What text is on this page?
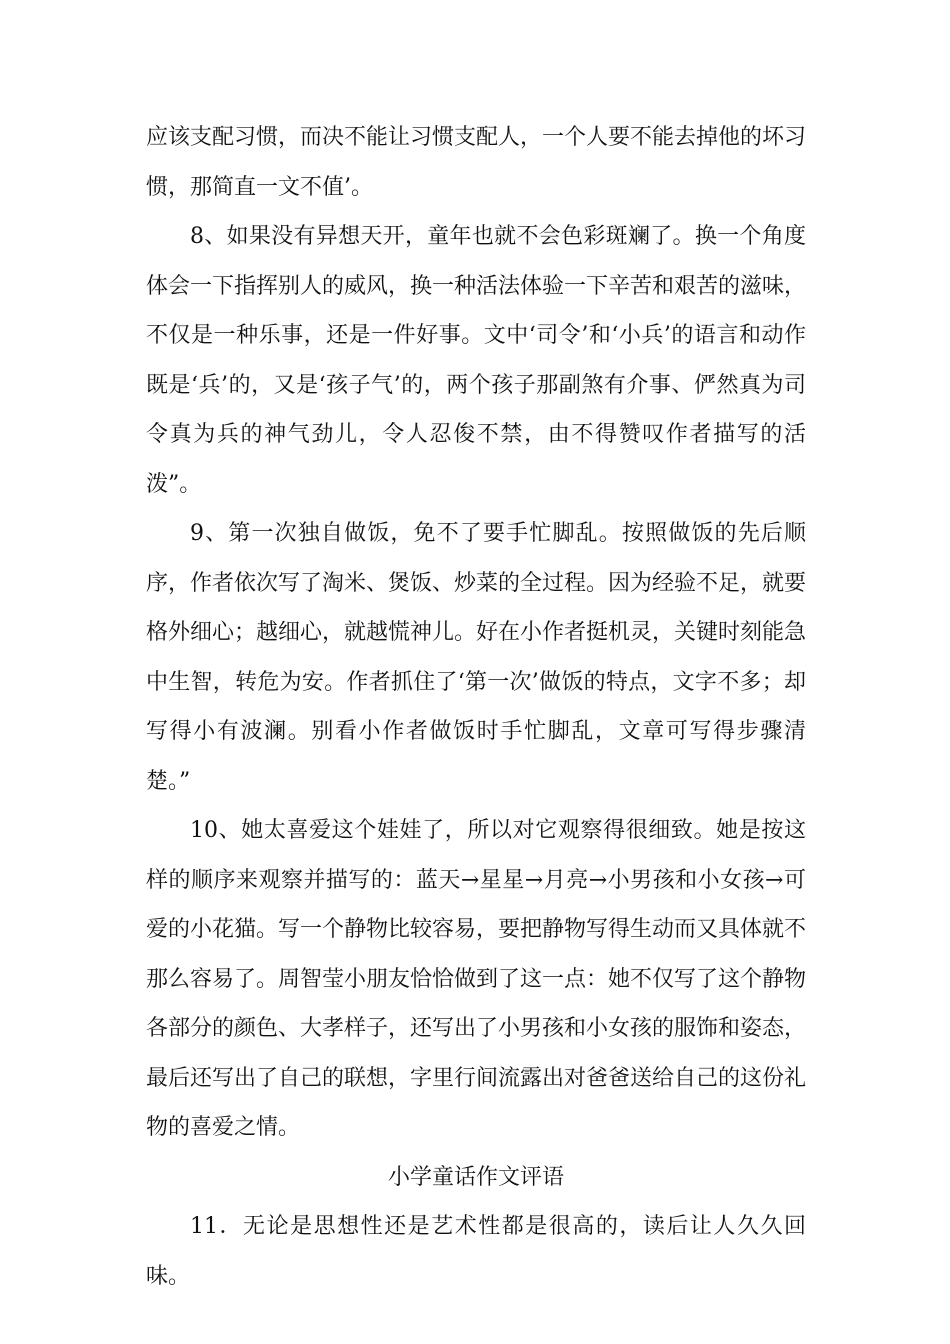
应该支配习惯，而决不能让习惯支配人，一个人要不能去掉他的坏习惯，那简直一文不值’。

8、如果没有异想天开，童年也就不会色彩斑斓了。换一个角度体会一下指挥别人的威风，换一种活法体验一下辛苦和艰苦的滋味，不仅是一种乐事，还是一件好事。文中‘司令’和‘小兵’的语言和动作既是‘兵’的，又是‘孩子气’的，两个孩子那副煞有介事、俨然真为司令真为兵的神气劲儿，令人忍俊不禁，由不得赞叹作者描写的活泼”。

9、第一次独自做饭，免不了要手忙脚乱。按照做饭的先后顺序，作者依次写了淘米、煲饭、炒菜的全过程。因为经验不足，就要格外细心；越细心，就越慌神儿。好在小作者挺机灵，关键时刻能急中生智，转危为安。作者抓住了‘第一次’做饭的特点，文字不多；却写得小有波澜。别看小作者做饭时手忙脚乱，文章可写得步骤清楚。”

10、她太喜爱这个娃娃了，所以对它观察得很细致。她是按这样的顺序来观察并描写的：蓝天→星星→月亮→小男孩和小女孩→可爱的小花猫。写一个静物比较容易，要把静物写得生动而又具体就不那么容易了。周智莹小朋友恰恰做到了这一点：她不仅写了这个静物各部分的颜色、大孝样子，还写出了小男孩和小女孩的服饰和姿态，最后还写出了自己的联想，字里行间流露出对爸爸送给自己的这份礼物的喜爱之情。

小学童话作文评语

11．无论是思想性还是艺术性都是很高的，读后让人久久回味。
